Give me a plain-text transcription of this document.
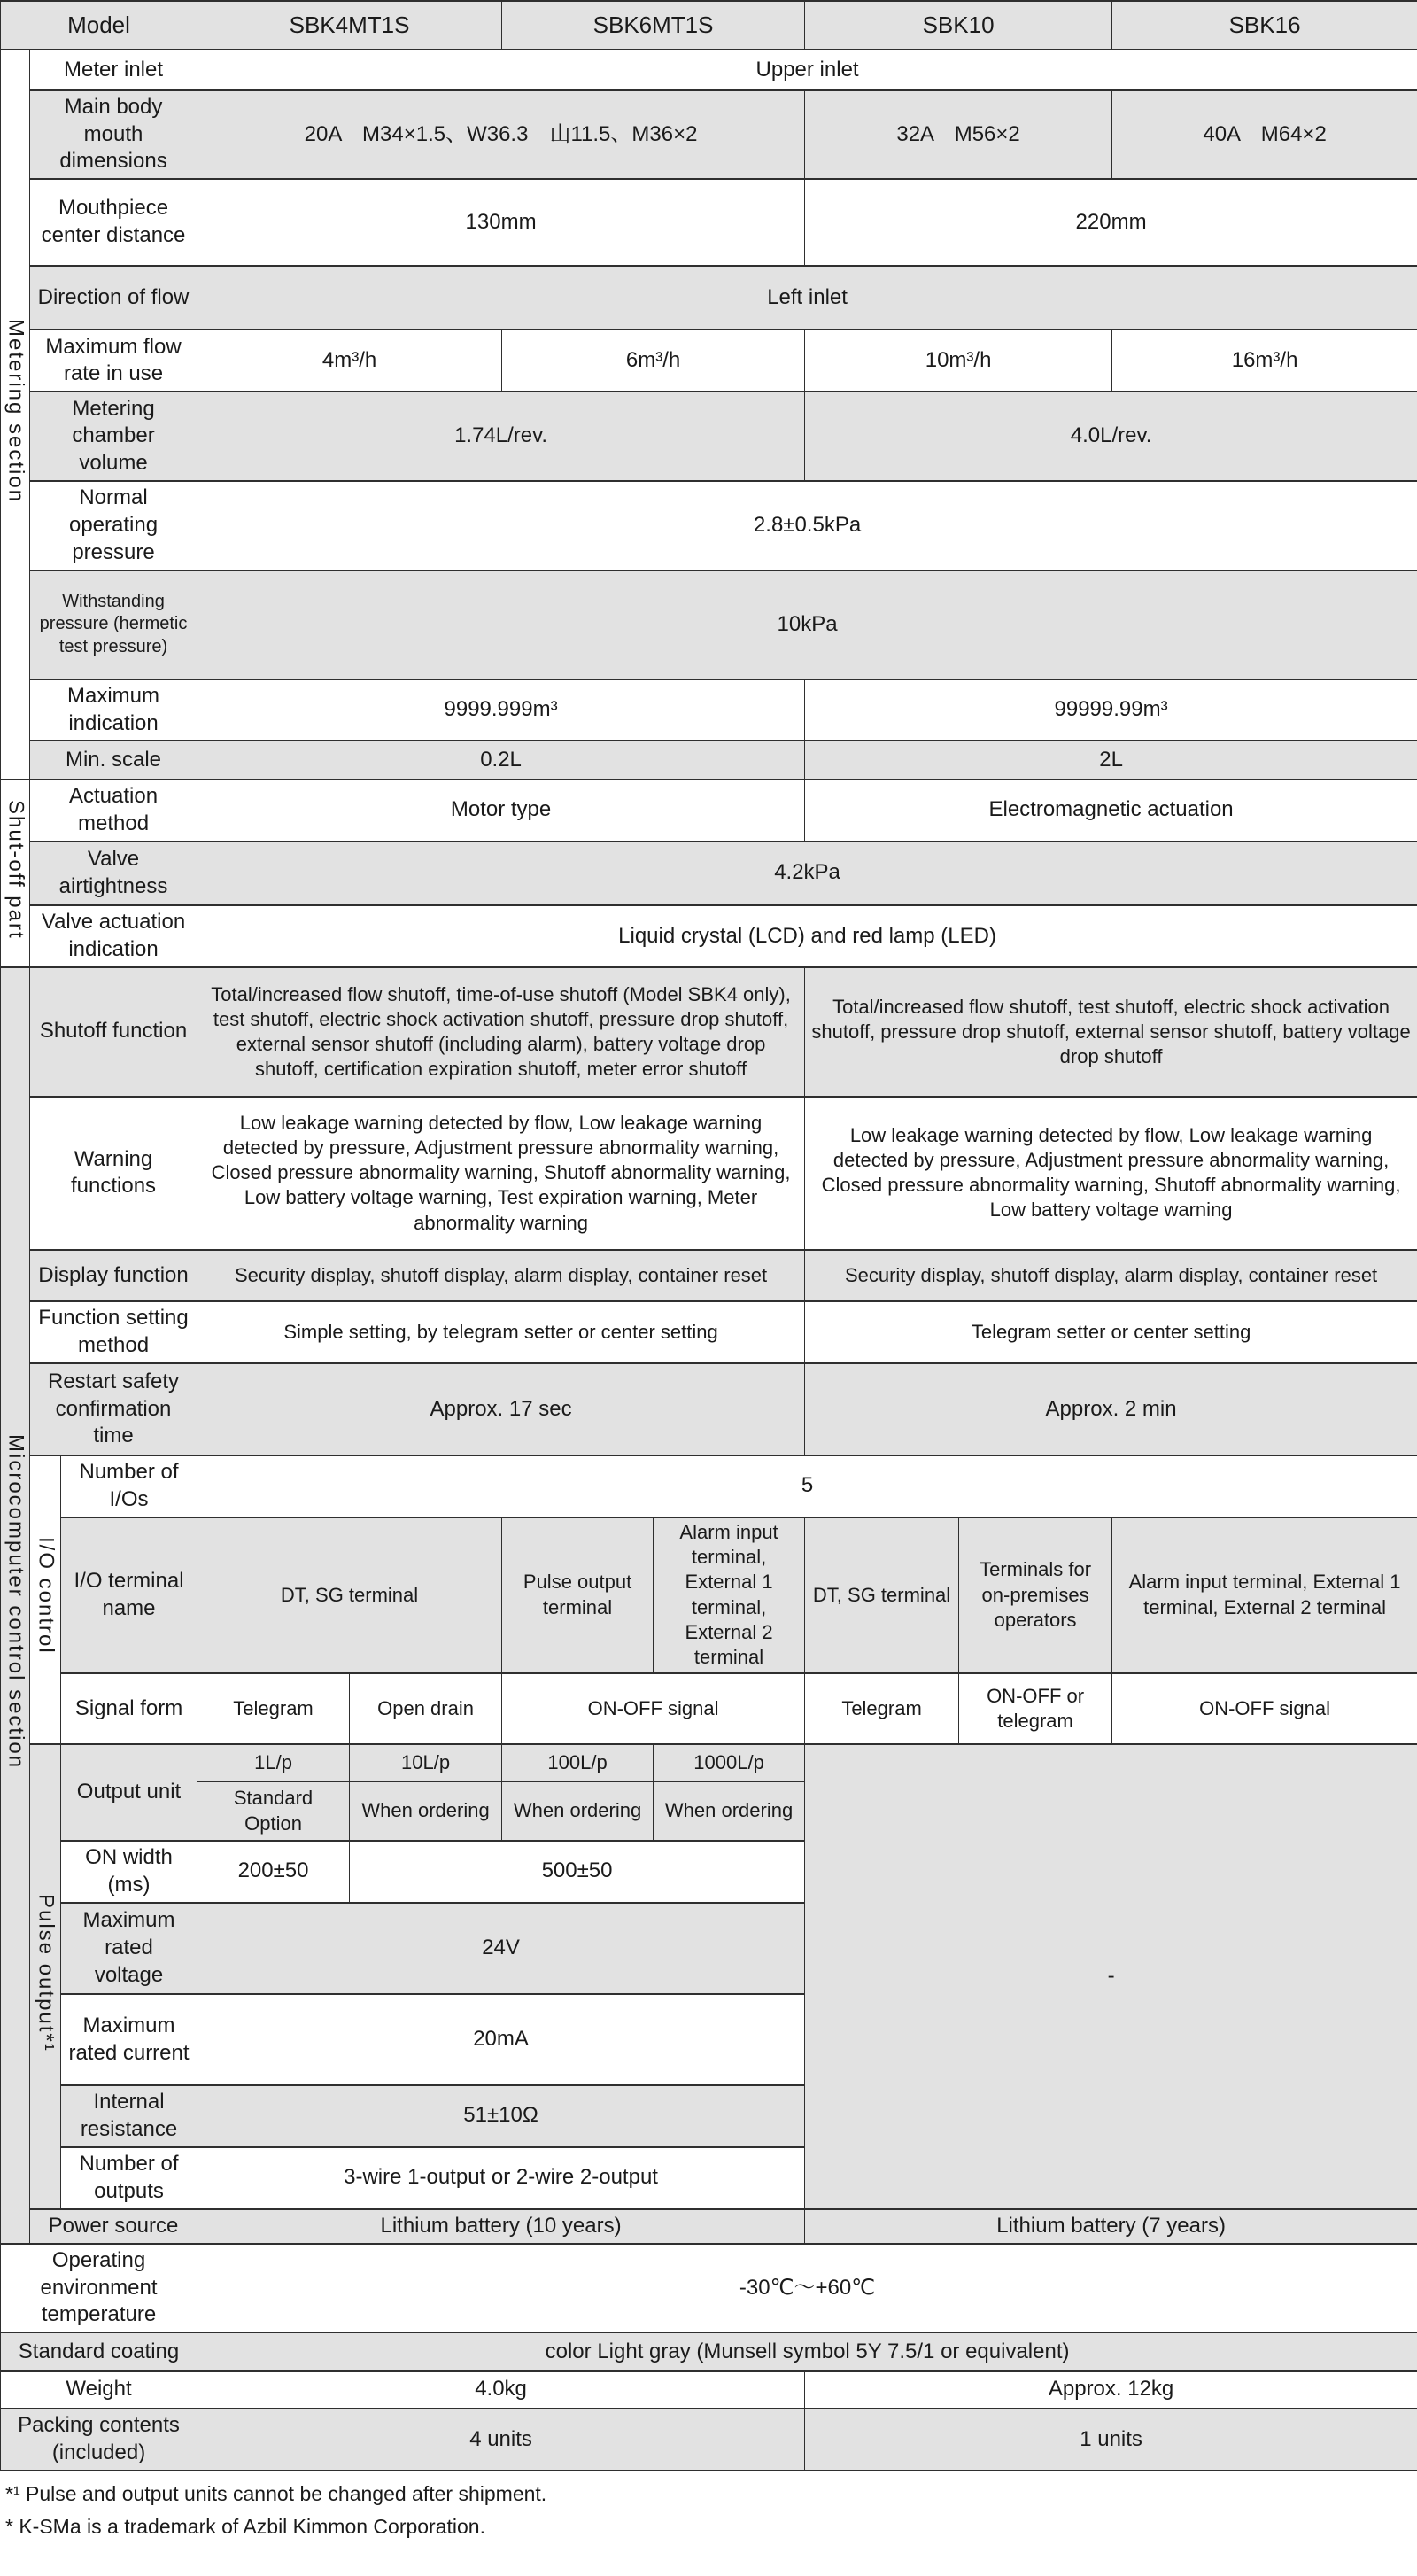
Model			SBK4MT1S		SBK6MT1S		SBK10		SBK16
Metering section	Meter inlet		Upper inlet						
	Main body mouth dimensions		20A　M34×1.5、W36.3　山11.5、M36×2				32A　M56×2		40A　M64×2
	Mouthpiece center distance		130mm				220mm		
	Direction of flow		Left inlet						
	Maximum flow rate in use		4m³/h		6m³/h		10m³/h		16m³/h
	Metering chamber volume		1.74L/rev.				4.0L/rev.		
	Normal operating pressure		2.8±0.5kPa						
	Withstanding pressure (hermetic test pressure)		10kPa						
	Maximum indication		9999.999m³				99999.99m³		
	Min. scale		0.2L				2L		
Shut-off part	Actuation method		Motor type				Electromagnetic actuation		
	Valve airtightness		4.2kPa						
	Valve actuation indication		Liquid crystal (LCD) and red lamp (LED)						
Microcomputer control section	Shutoff function		Total/increased flow shutoff, time-of-use shutoff (Model SBK4 only), test shutoff, electric shock activation shutoff, pressure drop shutoff, external sensor shutoff (including alarm), battery voltage drop shutoff, certification expiration shutoff, meter error shutoff				Total/increased flow shutoff, test shutoff, electric shock activation shutoff, pressure drop shutoff, external sensor shutoff, battery voltage drop shutoff		
Warning functions	Low leakage warning detected by flow, Low leakage warning detected by pressure, Adjustment pressure abnormality warning, Closed pressure abnormality warning, Shutoff abnormality warning, Low battery voltage warning, Test expiration warning, Meter abnormality warning	Low leakage warning detected by flow, Low leakage warning detected by pressure, Adjustment pressure abnormality warning, Closed pressure abnormality warning, Shutoff abnormality warning, Low battery voltage warning
	Display function		Security display, shutoff display, alarm display, container reset				Security display, shutoff display, alarm display, container reset		
	Function setting method		Simple setting, by telegram setter or center setting				Telegram setter or center setting		
	Restart safety confirmation time		Approx. 17 sec				Approx. 2 min		
	I/O control	Number of I/Os	5						
		I/O terminal name	DT, SG terminal		Pulse output terminal	Alarm input terminal, External 1 terminal, External 2 terminal	DT, SG terminal	Terminals for on-premises operators	Alarm input terminal, External 1 terminal, External 2 terminal
		Signal form	Telegram	Open drain	ON-OFF signal		Telegram	ON-OFF or telegram	ON-OFF signal
	Pulse output*¹	Output unit	1L/p	10L/p	100L/p	1000L/p	-		
			Standard Option	When ordering	When ordering	When ordering			
		ON width (ms)	200±50	500±50					
		Maximum rated voltage	24V						
		Maximum rated current	20mA						
		Internal resistance	51±10Ω						
		Number of outputs	3-wire 1-output or 2-wire 2-output						
	Power source		Lithium battery (10 years)				Lithium battery (7 years)		
Operating environment temperature			-30℃～+60℃						
Standard coating			color Light gray (Munsell symbol 5Y 7.5/1 or equivalent)						
Weight			4.0kg				Approx. 12kg		
Packing contents (included)			4 units				1 units		

*¹ Pulse and output units cannot be changed after shipment.

* K-SMa is a trademark of Azbil Kimmon Corporation.
